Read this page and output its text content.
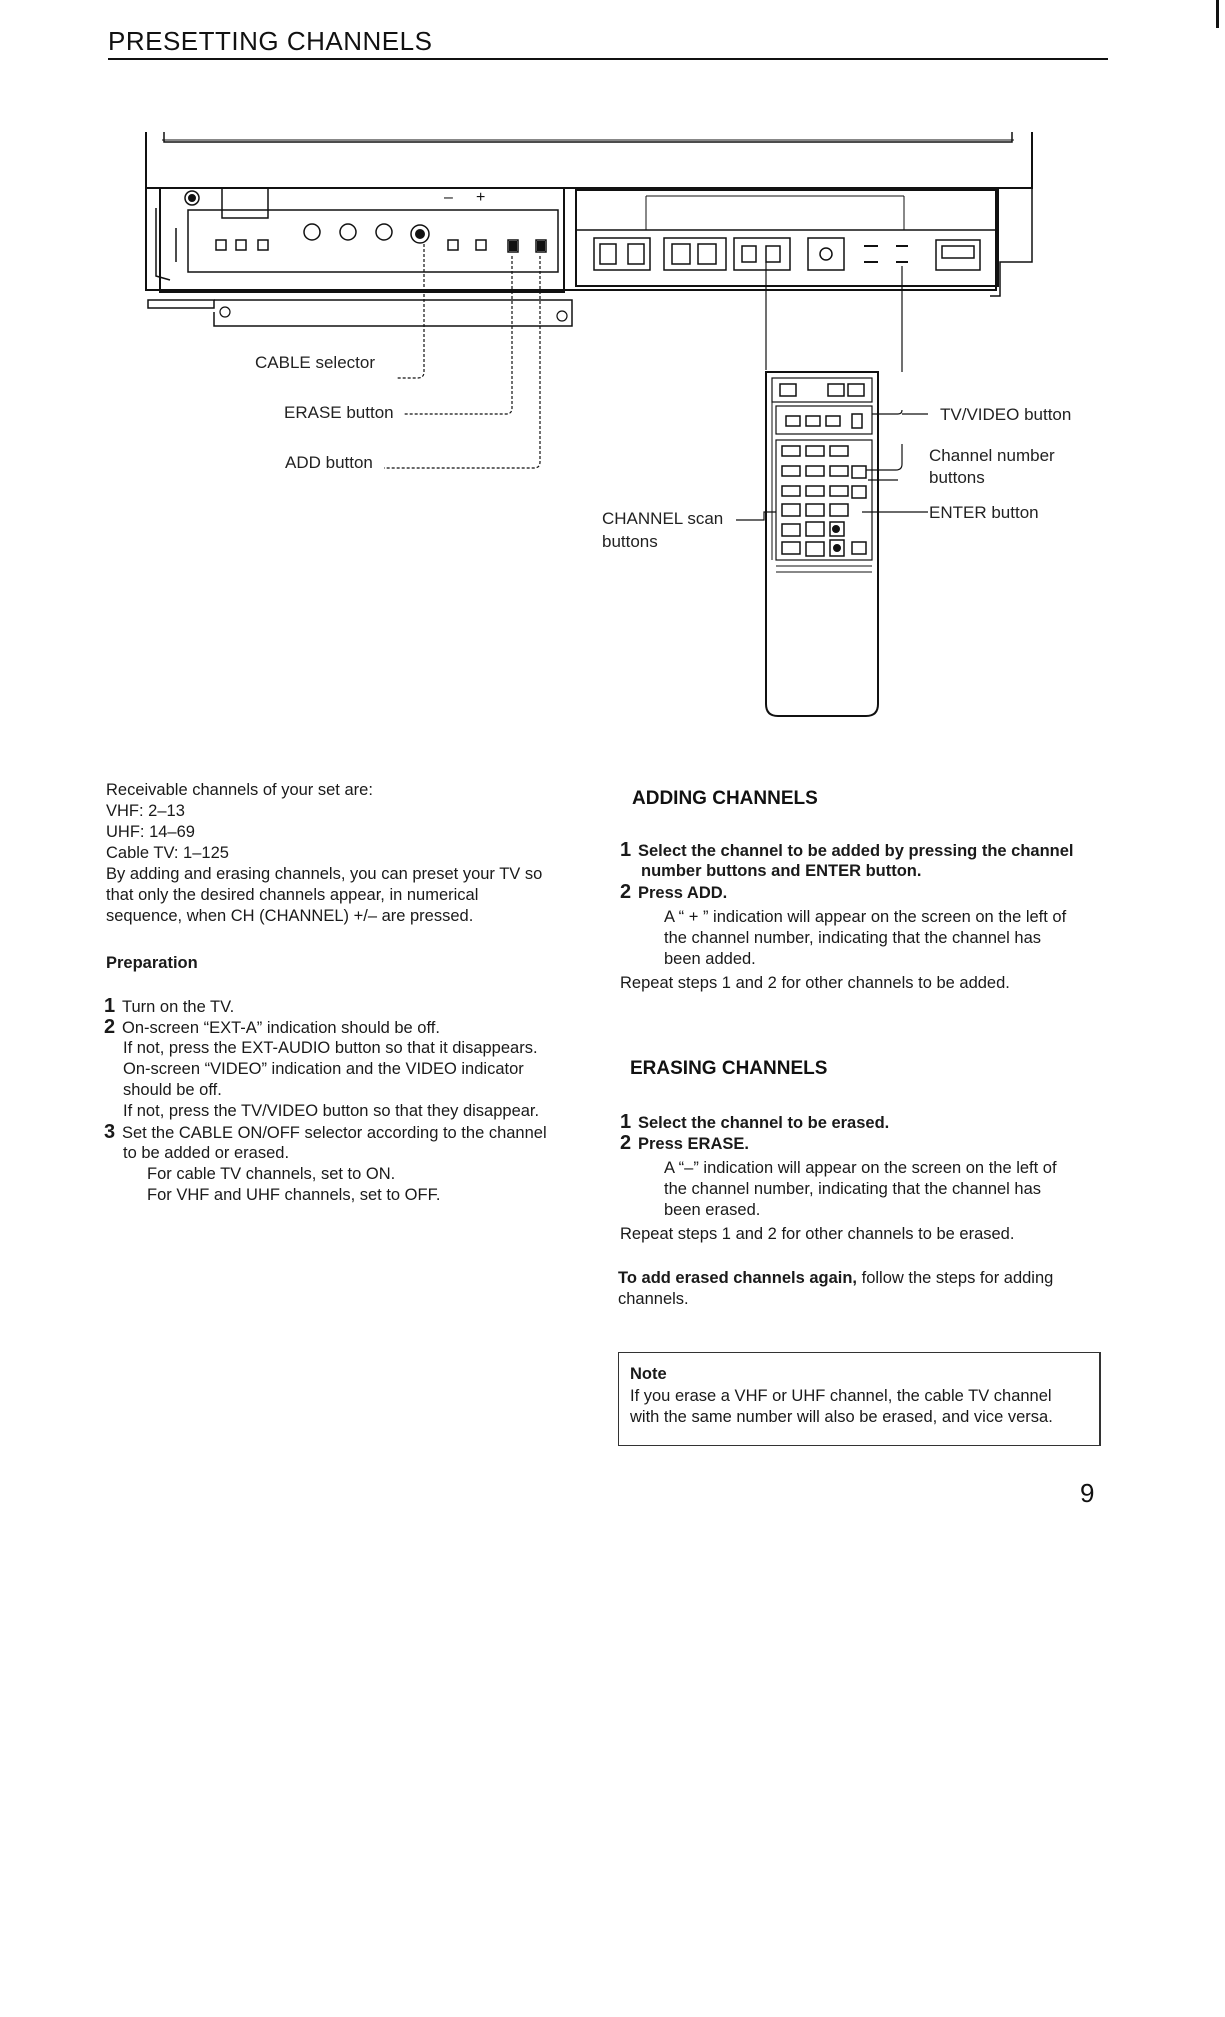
PRESETTING CHANNELS
– +
CABLE selector
ERASE button
ADD button
CHANNEL scan
buttons
TV/VIDEO button
Channel number
buttons
ENTER button
Receivable channels of your set are:
VHF: 2–13
UHF: 14–69
Cable TV: 1–125
By adding and erasing channels, you can preset your TV so
that only the desired channels appear, in numerical
sequence, when CH (CHANNEL) +/– are pressed.
Preparation
1 Turn on the TV.
2 On-screen “EXT-A” indication should be off.
If not, press the EXT-AUDIO button so that it disappears.
On-screen “VIDEO” indication and the VIDEO indicator
should be off.
If not, press the TV/VIDEO button so that they disappear.
3 Set the CABLE ON/OFF selector according to the channel
to be added or erased.
For cable TV channels, set to ON.
For VHF and UHF channels, set to OFF.
ADDING CHANNELS
1 Select the channel to be added by pressing the channel
number buttons and ENTER button.
2 Press ADD.
A “ + ” indication will appear on the screen on the left of
the channel number, indicating that the channel has
been added.
Repeat steps 1 and 2 for other channels to be added.
ERASING CHANNELS
1 Select the channel to be erased.
2 Press ERASE.
A “–” indication will appear on the screen on the left of
the channel number, indicating that the channel has
been erased.
Repeat steps 1 and 2 for other channels to be erased.
To add erased channels again, follow the steps for adding
channels.
Note
If you erase a VHF or UHF channel, the cable TV channel
with the same number will also be erased, and vice versa.
9
